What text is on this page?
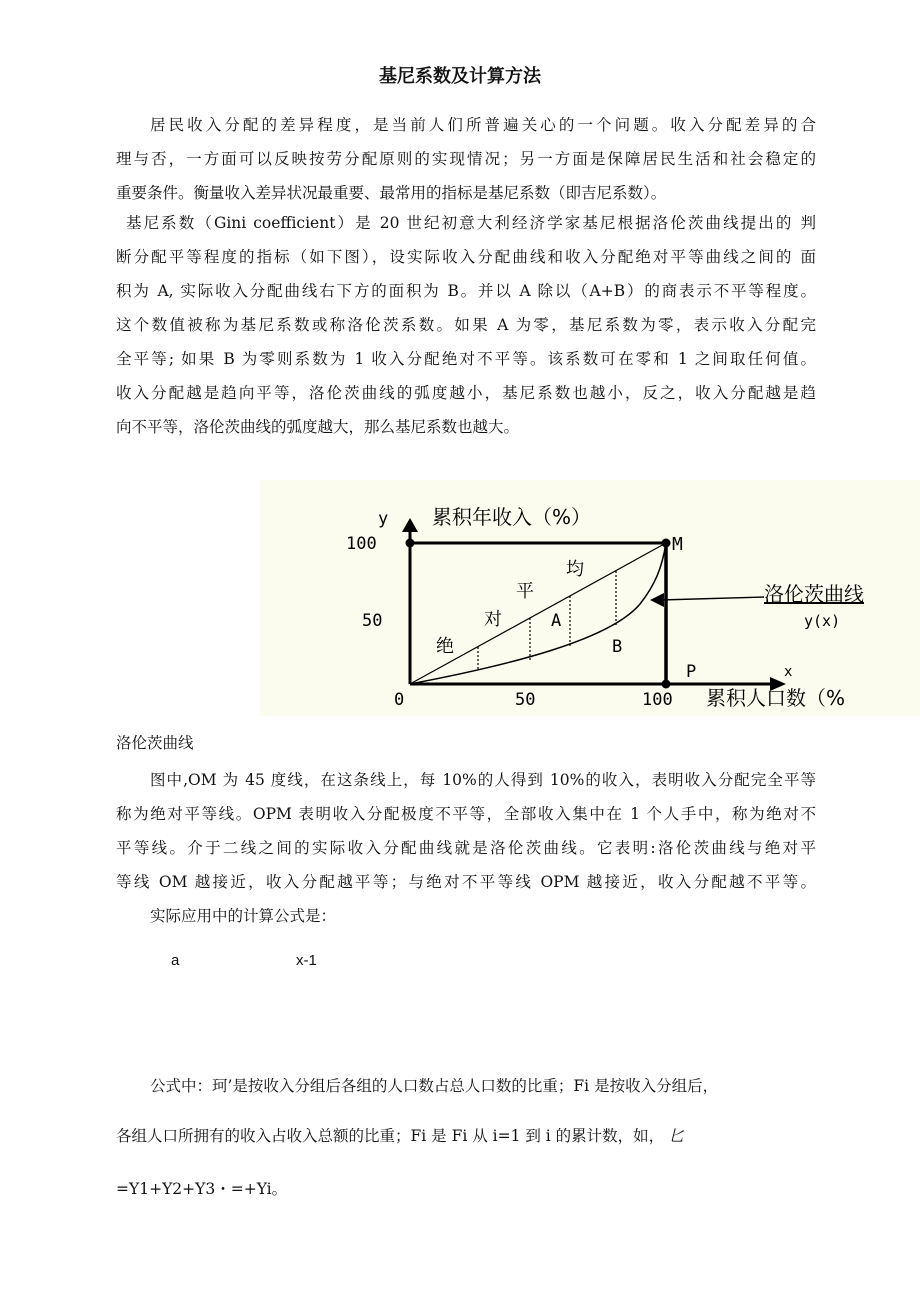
基尼系数及计算方法
居民收入分配的差异程度，是当前人们所普遍关心的一个问题。收入分配差异的合
理与否，一方面可以反映按劳分配原则的实现情况；另一方面是保障居民生活和社会稳定的
重要条件。衡量收入差异状况最重要、最常用的指标是基尼系数（即吉尼系数）。
基尼系数（Gini coefficient）是 20 世纪初意大利经济学家基尼根据洛伦茨曲线提出的 判
断分配平等程度的指标（如下图），设实际收入分配曲线和收入分配绝对平等曲线之间的 面
积为 A, 实际收入分配曲线右下方的面积为 B。并以 A 除以（A+B）的商表示不平等程度。
这个数值被称为基尼系数或称洛伦茨系数。如果 A 为零，基尼系数为零，表示收入分配完
全平等; 如果 B 为零则系数为 1 收入分配绝对不平等。该系数可在零和 1 之间取任何值。
收入分配越是趋向平等，洛伦茨曲线的弧度越小，基尼系数也越小，反之，收入分配越是趋
向不平等，洛伦茨曲线的弧度越大，那么基尼系数也越大。
y 累积年收入（%）
100
50
0	50	100
x
累积人口数（%
M
P
绝
对
平
均
A
B
洛伦茨曲线
y(x)
洛伦茨曲线
图中,OM 为 45 度线，在这条线上，每 10%的人得到 10%的收入，表明收入分配完全平等
称为绝对平等线。OPM 表明收入分配极度不平等，全部收入集中在 1 个人手中，称为绝对不
平等线。介于二线之间的实际收入分配曲线就是洛伦茨曲线。它表明:洛伦茨曲线与绝对平
等线 OM 越接近，收入分配越平等；与绝对不平等线 OPM 越接近，收入分配越不平等。
实际应用中的计算公式是：
a	x-1
公式中：珂’是按收入分组后各组的人口数占总人口数的比重；Fi 是按收入分组后，
各组人口所拥有的收入占收入总额的比重；Fi 是 Fi 从 i=1 到 i 的累计数，如， 匕
=Y1+Y2+Y3・=+Yi。
